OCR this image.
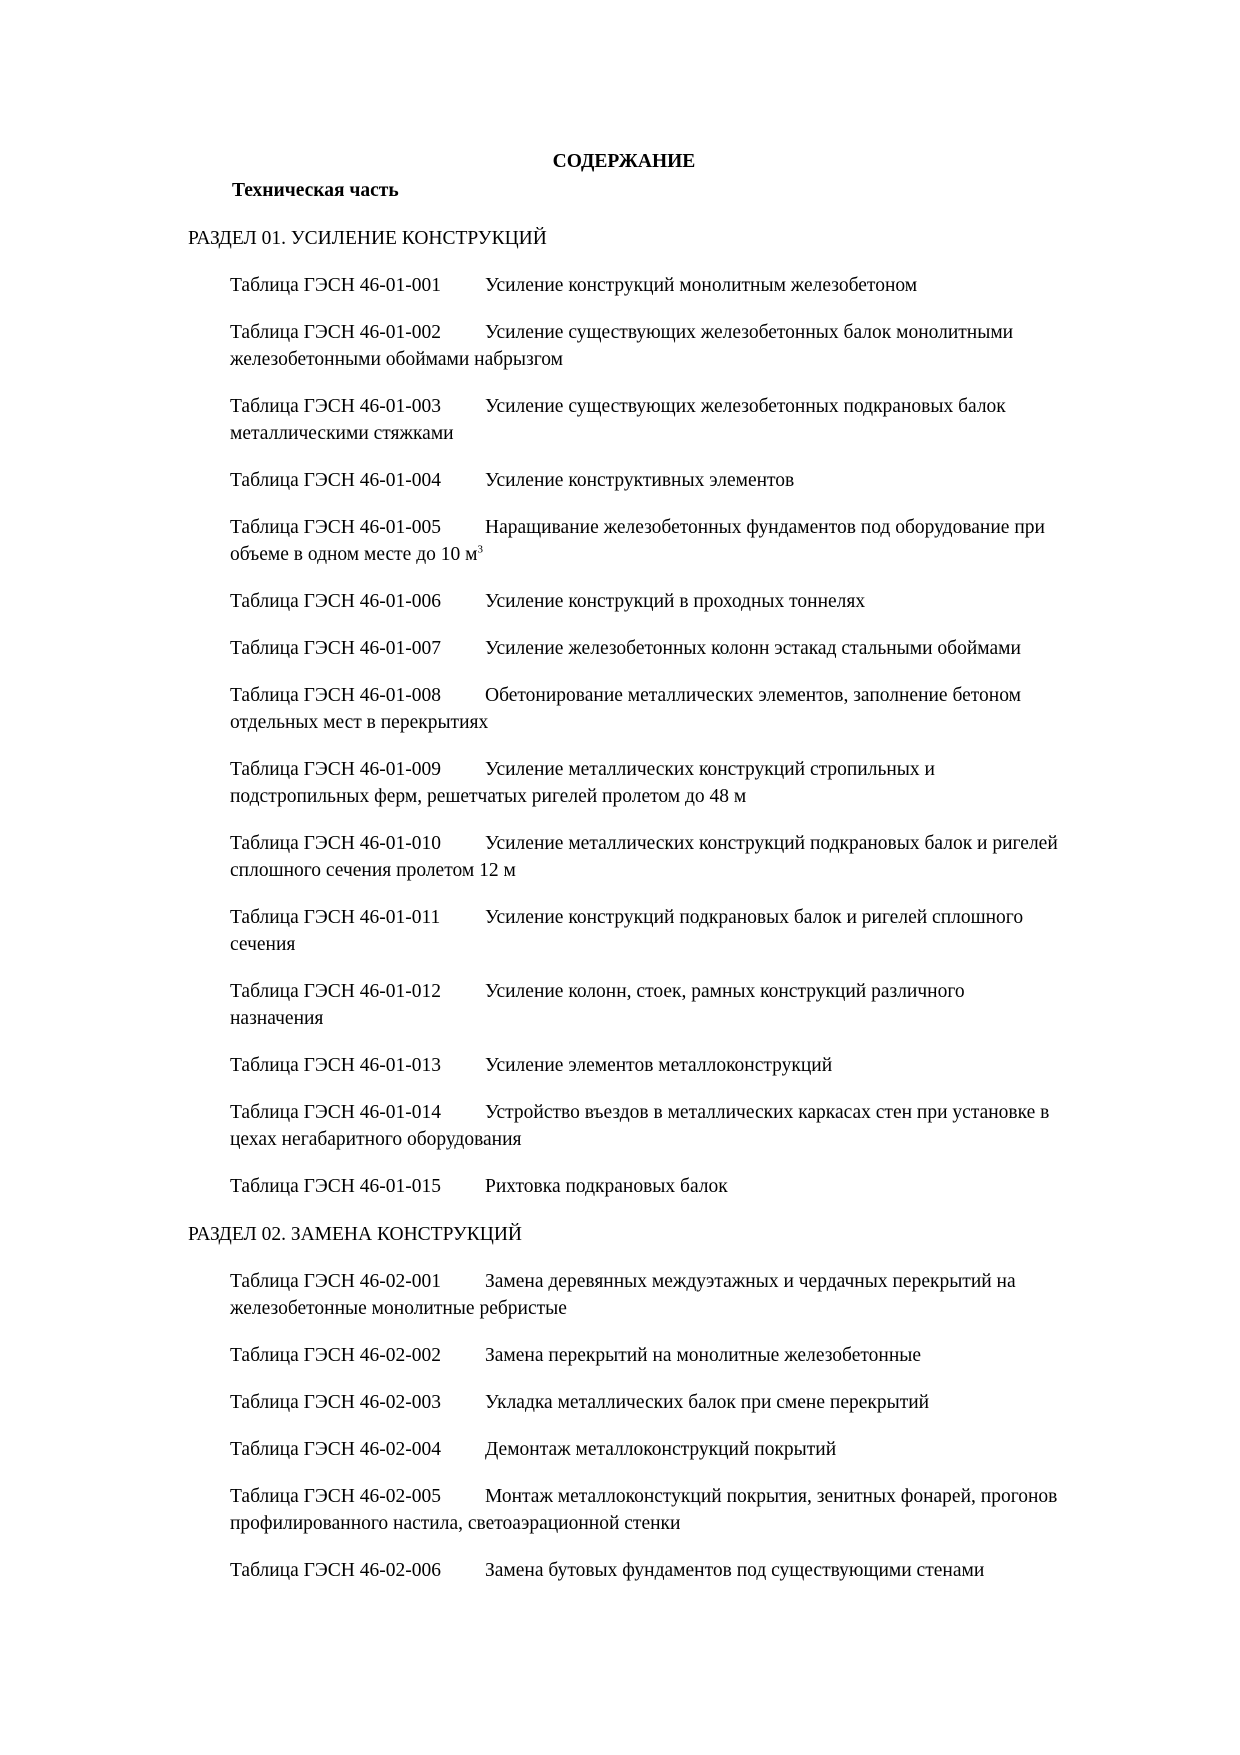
СОДЕРЖАНИЕ

Техническая часть

РАЗДЕЛ 01. УСИЛЕНИЕ КОНСТРУКЦИЙ

Таблица ГЭСН 46-01-001 Усиление конструкций монолитным железобетоном

Таблица ГЭСН 46-01-002 Усиление существующих железобетонных балок монолитными железобетонными обоймами набрызгом

Таблица ГЭСН 46-01-003 Усиление существующих железобетонных подкрановых балок металлическими стяжками

Таблица ГЭСН 46-01-004 Усиление конструктивных элементов

Таблица ГЭСН 46-01-005 Наращивание железобетонных фундаментов под оборудование при объеме в одном месте до 10 $м^3$

Таблица ГЭСН 46-01-006 Усиление конструкций в проходных тоннелях

Таблица ГЭСН 46-01-007 Усиление железобетонных колонн эстакад стальными обоймами

Таблица ГЭСН 46-01-008 Обетонирование металлических элементов, заполнение бетоном отдельных мест в перекрытиях

Таблица ГЭСН 46-01-009 Усиление металлических конструкций стропильных и подстропильных ферм, решетчатых ригелей пролетом до 48 м

Таблица ГЭСН 46-01-010 Усиление металлических конструкций подкрановых балок и ригелей сплошного сечения пролетом 12 м

Таблица ГЭСН 46-01-011 Усиление конструкций подкрановых балок и ригелей сплошного сечения

Таблица ГЭСН 46-01-012 Усиление колонн, стоек, рамных конструкций различного назначения

Таблица ГЭСН 46-01-013 Усиление элементов металлоконструкций

Таблица ГЭСН 46-01-014 Устройство въездов в металлических каркасах стен при установке в цехах негабаритного оборудования

Таблица ГЭСН 46-01-015 Рихтовка подкрановых балок

РАЗДЕЛ 02. ЗАМЕНА КОНСТРУКЦИЙ

Таблица ГЭСН 46-02-001 Замена деревянных междуэтажных и чердачных перекрытий на железобетонные монолитные ребристые

Таблица ГЭСН 46-02-002 Замена перекрытий на монолитные железобетонные

Таблица ГЭСН 46-02-003 Укладка металлических балок при смене перекрытий

Таблица ГЭСН 46-02-004 Демонтаж металлоконструкций покрытий

Таблица ГЭСН 46-02-005 Монтаж металлоконстукций покрытия, зенитных фонарей, прогонов профилированного настила, светоаэрационной стенки

Таблица ГЭСН 46-02-006 Замена бутовых фундаментов под существующими стенами
